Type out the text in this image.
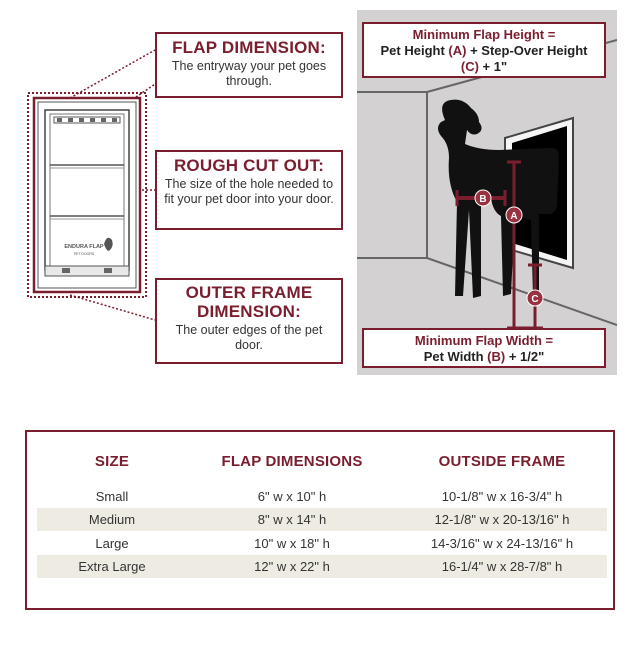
ENDURA FLAP
PET DOORS
FLAP DIMENSION:
The entryway your pet goes through.
ROUGH CUT OUT:
The size of the hole needed to fit your pet door into your door.
OUTER FRAME DIMENSION:
The outer edges of the pet door.
B
A
C
Minimum Flap Height =
Pet Height (A) + Step-Over Height
(C) + 1"
Minimum Flap Width =
Pet Width (B) + 1/2"
SIZE	FLAP DIMENSIONS	OUTSIDE FRAME
Small	6" w x 10" h	10-1/8" w x 16-3/4" h
Medium	8" w x 14" h	12-1/8" w x 20-13/16" h
Large	10" w x 18" h	14-3/16" w x 24-13/16" h
Extra Large	12" w x 22" h	16-1/4" w x 28-7/8" h
